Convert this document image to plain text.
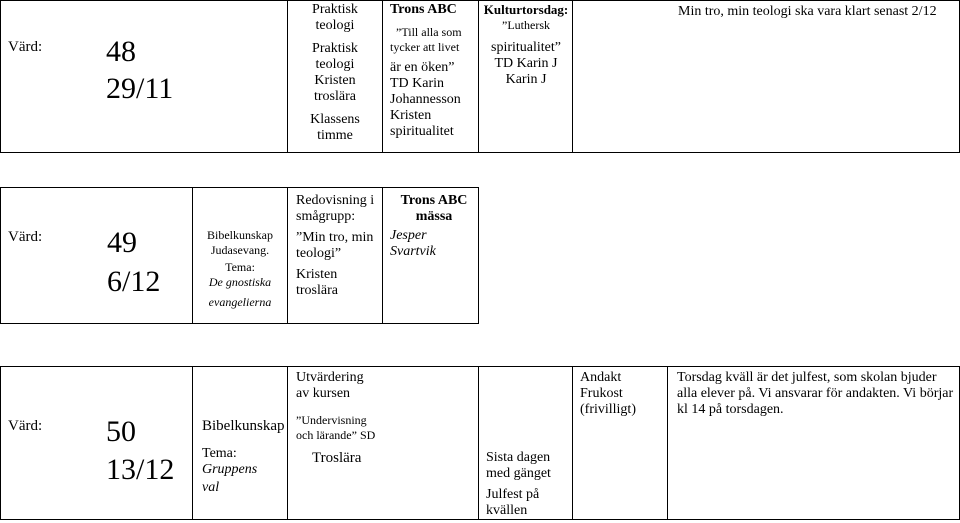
Värd: 48
29/11
Praktisk
teologi
Praktisk
teologi
Kristen
troslära
Klassens
timme
Trons ABC
”Till alla som
tycker att livet
är en öken”
TD Karin
Johannesson
Kristen
spiritualitet
Kulturtorsdag:
”Luthersk
spiritualitet”
TD Karin J
Karin J
Min tro, min teologi ska vara klart senast 2/12
Värd: 49
6/12
Bibelkunskap
Judasevang.
Tema:
De gnostiska
evangelierna
Redovisning i
smågrupp:
”Min tro, min
teologi”
Kristen
troslära
Trons ABC
mässa
Jesper
Svartvik
Värd: 50
13/12
Bibelkunskap
Tema:
Gruppens
val
Utvärdering
av kursen
”Undervisning
och lärande” SD
Troslära	Sista dagen
med gänget
Julfest på
kvällen
Andakt
Frukost
(frivilligt)
Torsdag kväll är det julfest, som skolan bjuder
alla elever på. Vi ansvarar för andakten. Vi börjar
kl 14 på torsdagen.
